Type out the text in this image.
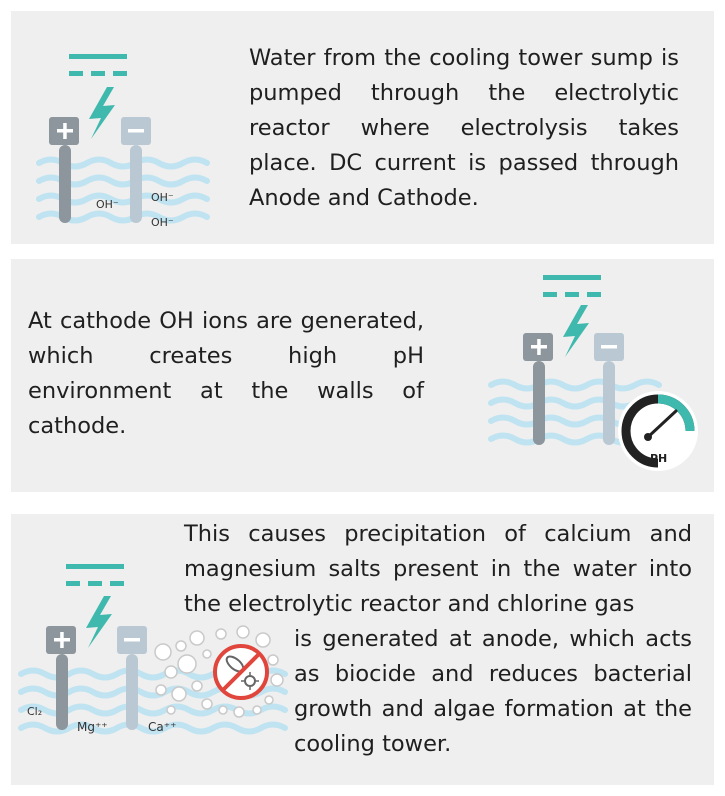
OH⁻
OH⁻
OH⁻

Water from the cooling tower sump is pumped through the electrolytic reactor where electrolysis takes place. DC current is passed through Anode and Cathode.

At cathode OH ions are generated, which creates high pH environment at the walls of cathode.

PH

This causes precipitation of calcium and magnesium salts present in the water into the electrolytic reactor and chlorine gas

Cl₂
Mg⁺⁺	Ca⁺⁺

is generated at anode, which acts as biocide and reduces bacterial growth and algae formation at the cooling tower.
